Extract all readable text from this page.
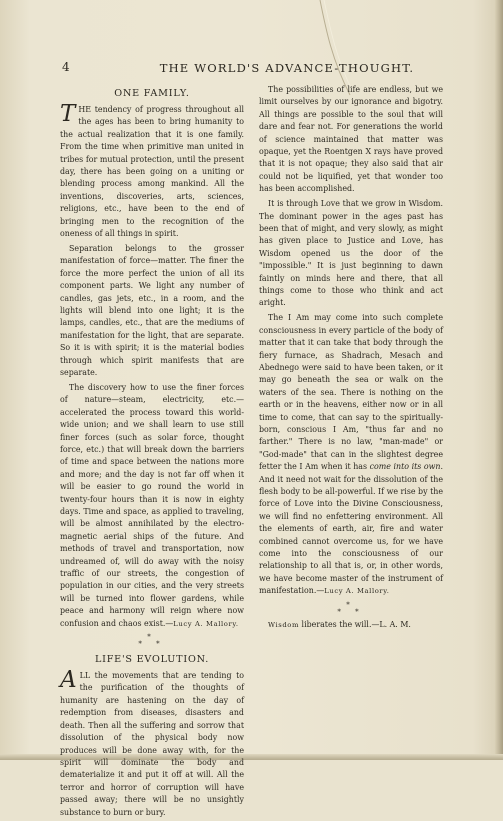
4	THE WORLD'S ADVANCE-THOUGHT.
ONE FAMILY.

THE tendency of progress throughout all the ages has been to bring humanity to the actual realization that it is one family. From the time when primitive man united in tribes for mutual protection, until the present day, there has been going on a uniting or blending process among mankind. All the inventions, discoveries, arts, sciences, religions, etc., have been to the end of bringing men to the recognition of the oneness of all things in spirit.

Separation belongs to the grosser manifestation of force—matter. The finer the force the more perfect the union of all its component parts. We light any number of candles, gas jets, etc., in a room, and the lights will blend into one light; it is the lamps, candles, etc., that are the mediums of manifestation for the light, that are separate. So it is with spirit; it is the material bodies through which spirit manifests that are separate.

The discovery how to use the finer forces of nature—steam, electricity, etc.—accelerated the process toward this world-wide union; and we shall learn to use still finer forces (such as solar force, thought force, etc.) that will break down the barriers of time and space between the nations more and more; and the day is not far off when it will be easier to go round the world in twenty-four hours than it is now in eighty days. Time and space, as applied to traveling, will be almost annihilated by the electro-magnetic aerial ships of the future. And methods of travel and transportation, now undreamed of, will do away with the noisy traffic of our streets, the congestion of population in our cities, and the very streets will be turned into flower gardens, while peace and harmony will reign where now confusion and chaos exist.—Lucy A. Mallory.

*
* *
LIFE'S EVOLUTION.

ALL the movements that are tending to the purification of the thoughts of humanity are hastening on the day of redemption from diseases, disasters and death. Then all the suffering and sorrow that dissolution of the physical body now produces will be done away with, for the spirit will dominate the body and dematerialize it and put it off at will. All the terror and horror of corruption will have passed away; there will be no unsightly substance to burn or bury.

The possibilities of life are endless, but we limit ourselves by our ignorance and bigotry. All things are possible to the soul that will dare and fear not. For generations the world of science maintained that matter was opaque, yet the Roentgen X rays have proved that it is not opaque; they also said that air could not be liquified, yet that wonder too has been accomplished.

It is through Love that we grow in Wisdom. The dominant power in the ages past has been that of might, and very slowly, as might has given place to Justice and Love, has Wisdom opened us the door of the "impossible." It is just beginning to dawn faintly on minds here and there, that all things come to those who think and act aright.

The I Am may come into such complete consciousness in every particle of the body of matter that it can take that body through the fiery furnace, as Shadrach, Mesach and Abednego were said to have been taken, or it may go beneath the sea or walk on the waters of the sea. There is nothing on the earth or in the heavens, either now or in all time to come, that can say to the spiritually-born, conscious I Am, "thus far and no farther." There is no law, "man-made" or "God-made" that can in the slightest degree fetter the I Am when it has come into its own. And it need not wait for the dissolution of the flesh body to be all-powerful. If we rise by the force of Love into the Divine Consciousness, we will find no enfettering environment. All the elements of earth, air, fire and water combined cannot overcome us, for we have come into the consciousness of our relationship to all that is, or, in other words, we have become master of the instrument of manifestation.—Lucy A. Mallory.

*
* *

Wisdom liberates the will.—L. A. M.
